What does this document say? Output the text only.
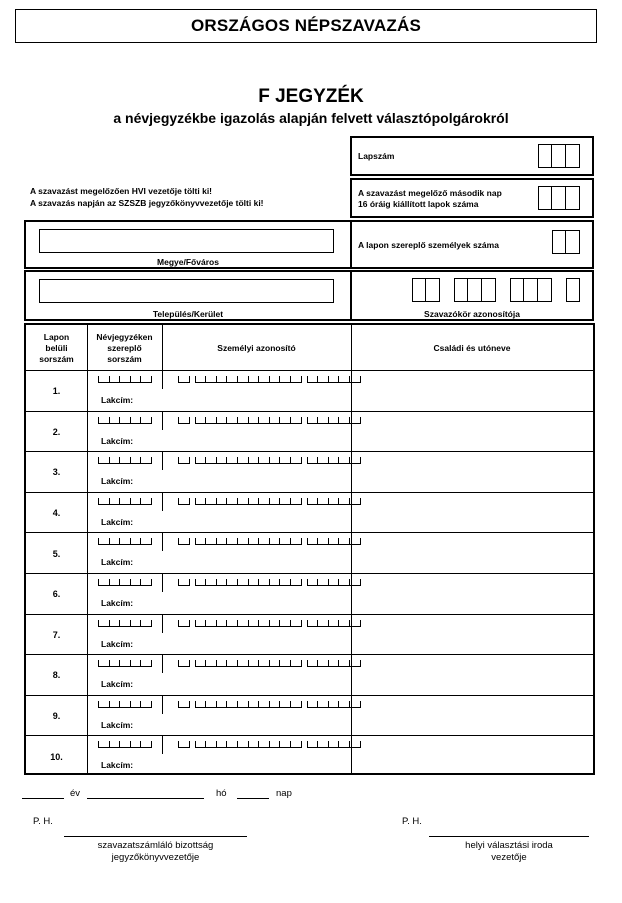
ORSZÁGOS NÉPSZAVAZÁS
F JEGYZÉK
a névjegyzékbe igazolás alapján felvett választópolgárokról
Lapszám
A szavazást megelőzően HVI vezetője tölti ki!
A szavazás napján az SZSZB jegyzőkönyvvezetője tölti ki!
A szavazást megelőző második nap
16 óráig kiállított lapok száma
Megye/Főváros
A lapon szereplő személyek száma
Település/Kerület	Szavazókör azonosítója
Lapon
belüli
sorszám
Névjegyzéken
szereplő
sorszám
Személyi azonosító	Családi és utóneve
1.
Lakcím:
2.
Lakcím:
3.
Lakcím:
4.
Lakcím:
5.
Lakcím:
6.
Lakcím:
7.
Lakcím:
8.
Lakcím:
9.
Lakcím:
10.
Lakcím:
év	hó	nap
P. H.
szavazatszámláló bizottság
jegyzőkönyvvezetője
P. H.
helyi választási iroda
vezetője
